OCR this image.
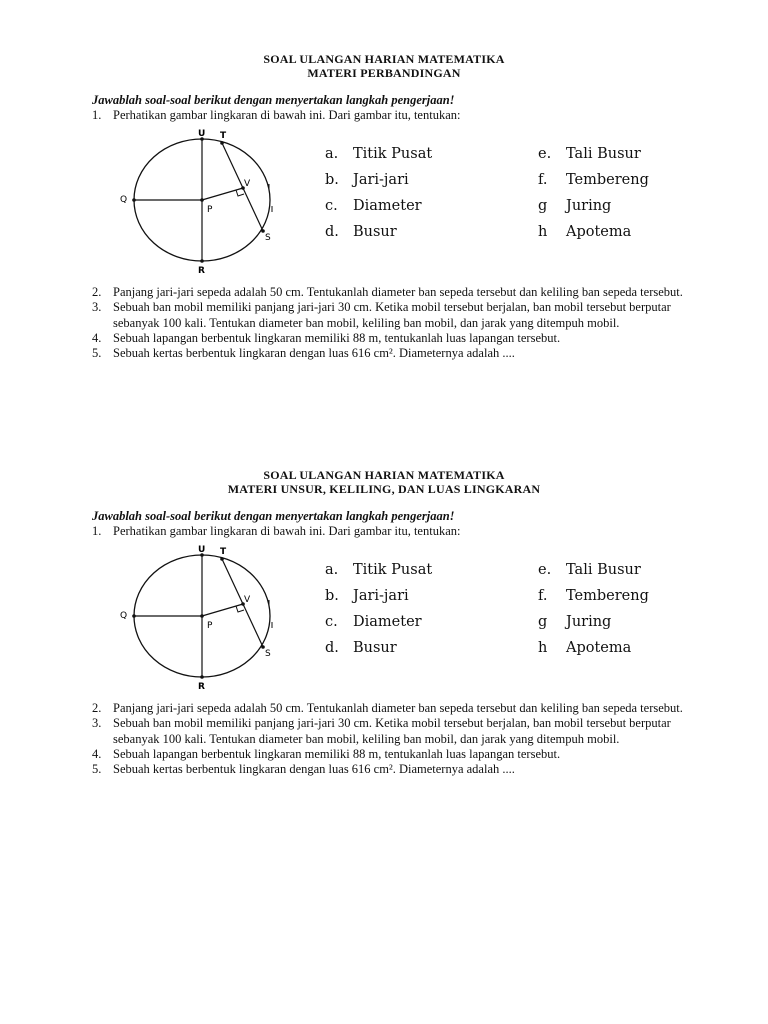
SOAL ULANGAN HARIAN MATEMATIKA
MATERI PERBANDINGAN
Jawablah soal-soal berikut dengan menyertakan langkah pengerjaan!
1. Perhatikan gambar lingkaran di bawah ini. Dari gambar itu, tentukan:
U T
V
Q
P
S
R
a. Titik Pusat
b. Jari-jari
c. Diameter
d. Busur
e. Tali Busur
f. Tembereng
g Juring
h Apotema
2. Panjang jari-jari sepeda adalah 50 cm. Tentukanlah diameter ban sepeda tersebut dan keliling ban sepeda tersebut.
3. Sebuah ban mobil memiliki panjang jari-jari 30 cm. Ketika mobil tersebut berjalan, ban mobil tersebut berputar sebanyak 100 kali. Tentukan diameter ban mobil, keliling ban mobil, dan jarak yang ditempuh mobil.
4. Sebuah lapangan berbentuk lingkaran memiliki 88 m, tentukanlah luas lapangan tersebut.
5. Sebuah kertas berbentuk lingkaran dengan luas 616 cm². Diameternya adalah ....
SOAL ULANGAN HARIAN MATEMATIKA
MATERI UNSUR, KELILING, DAN LUAS LINGKARAN
Jawablah soal-soal berikut dengan menyertakan langkah pengerjaan!
1. Perhatikan gambar lingkaran di bawah ini. Dari gambar itu, tentukan:
U T
V
Q
P
S
R
a. Titik Pusat
b. Jari-jari
c. Diameter
d. Busur
e. Tali Busur
f. Tembereng
g Juring
h Apotema
2. Panjang jari-jari sepeda adalah 50 cm. Tentukanlah diameter ban sepeda tersebut dan keliling ban sepeda tersebut.
3. Sebuah ban mobil memiliki panjang jari-jari 30 cm. Ketika mobil tersebut berjalan, ban mobil tersebut berputar sebanyak 100 kali. Tentukan diameter ban mobil, keliling ban mobil, dan jarak yang ditempuh mobil.
4. Sebuah lapangan berbentuk lingkaran memiliki 88 m, tentukanlah luas lapangan tersebut.
5. Sebuah kertas berbentuk lingkaran dengan luas 616 cm². Diameternya adalah ....
